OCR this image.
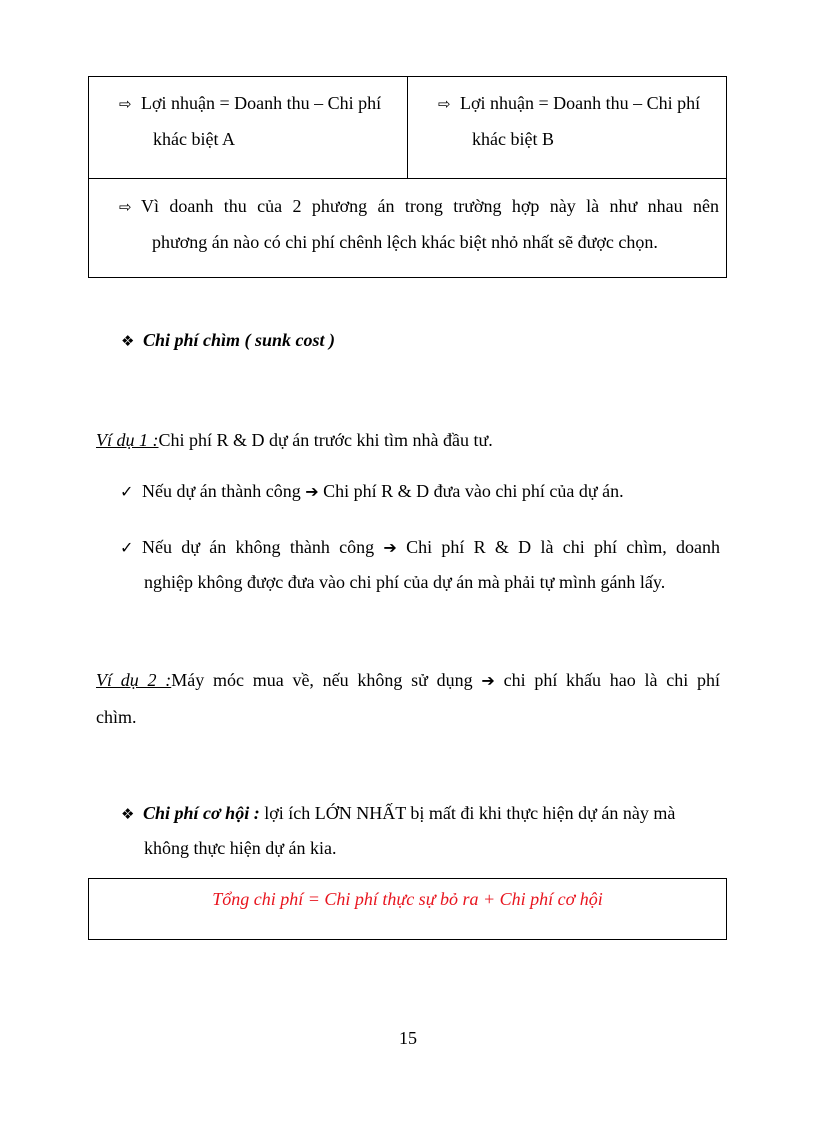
⇨ Lợi nhuận = Doanh thu – Chi phí
khác biệt A
⇨ Lợi nhuận = Doanh thu – Chi phí
khác biệt B
⇨ Vì doanh thu của 2 phương án trong trường hợp này là như nhau nên
phương án nào có chi phí chênh lệch khác biệt nhỏ nhất sẽ được chọn.
❖ Chi phí chìm ( sunk cost )
Ví dụ 1 :Chi phí R & D dự án trước khi tìm nhà đầu tư.
✓ Nếu dự án thành công ➔ Chi phí R & D đưa vào chi phí của dự án.
✓ Nếu dự án không thành công ➔ Chi phí R & D là chi phí chìm, doanh
nghiệp không được đưa vào chi phí của dự án mà phải tự mình gánh lấy.
Ví dụ 2 :Máy móc mua về, nếu không sử dụng ➔ chi phí khấu hao là chi phí
chìm.
❖ Chi phí cơ hội : lợi ích LỚN NHẤT bị mất đi khi thực hiện dự án này mà
không thực hiện dự án kia.
Tổng chi phí = Chi phí thực sự bỏ ra + Chi phí cơ hội
15
